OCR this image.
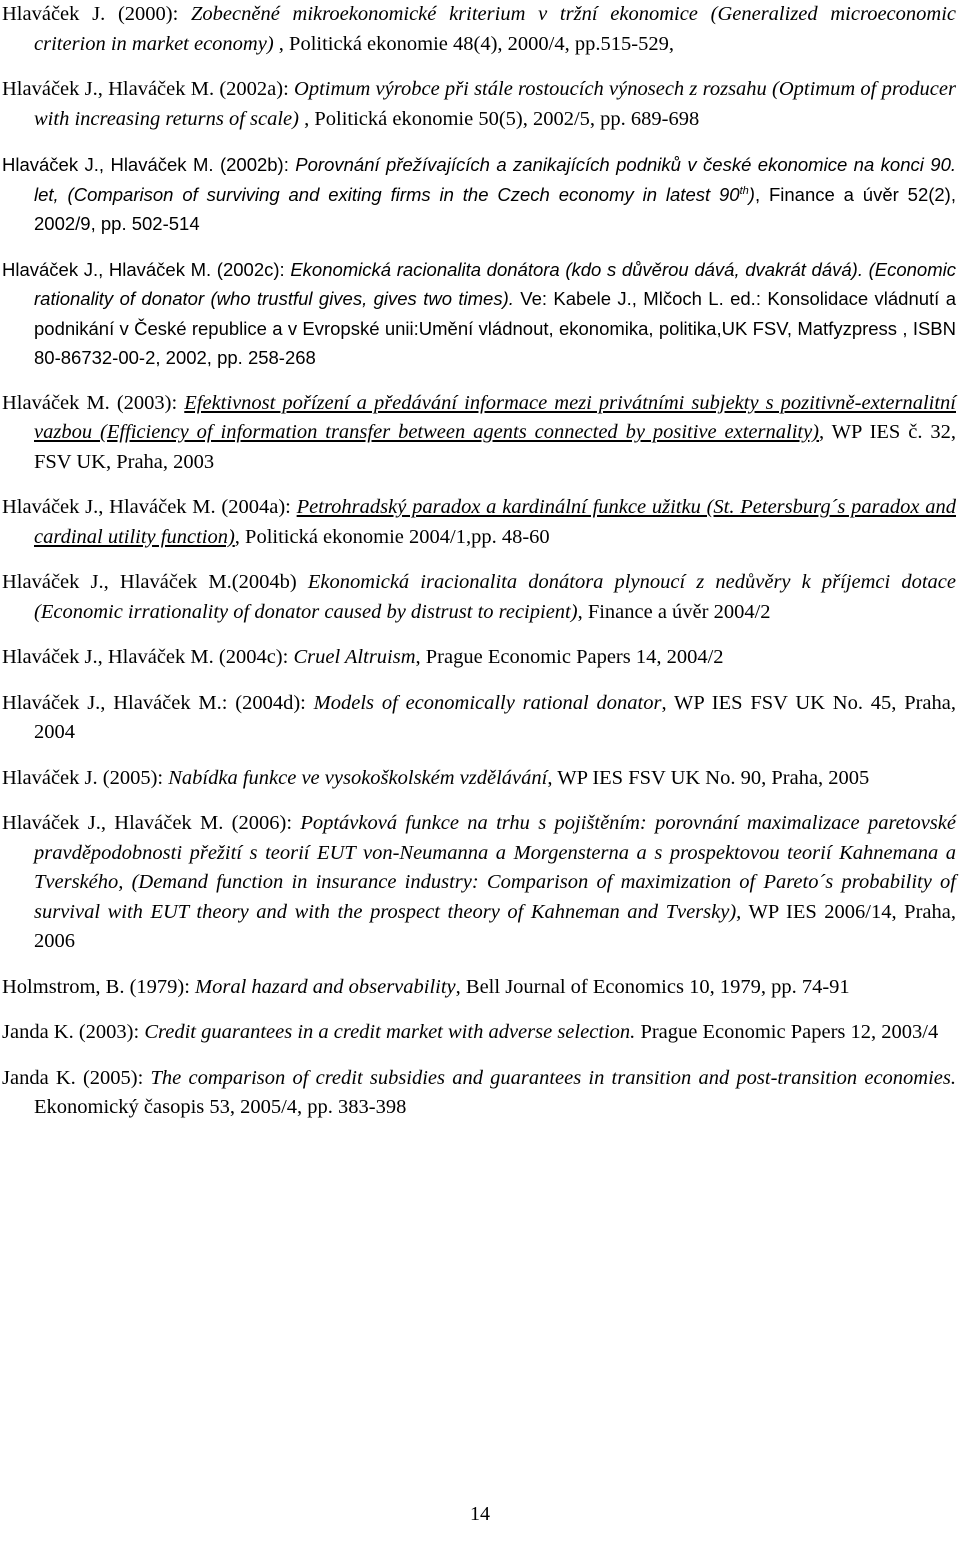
Hlaváček J. (2000): Zobecněné mikroekonomické kriterium v tržní ekonomice (Generalized microeconomic criterion in market economy) , Politická ekonomie 48(4), 2000/4, pp.515-529,

Hlaváček J., Hlaváček M. (2002a): Optimum výrobce při stále rostoucích výnosech z rozsahu (Optimum of producer with increasing returns of scale) , Politická ekonomie 50(5), 2002/5, pp. 689-698

Hlaváček J., Hlaváček M. (2002b): Porovnání přežívajících a zanikajících podniků v české ekonomice na konci 90. let, (Comparison of surviving and exiting firms in the Czech economy in latest 90th), Finance a úvěr 52(2), 2002/9, pp. 502-514

Hlaváček J., Hlaváček M. (2002c): Ekonomická racionalita donátora (kdo s důvěrou dává, dvakrát dává). (Economic rationality of donator (who trustful gives, gives two times). Ve: Kabele J., Mlčoch L. ed.: Konsolidace vládnutí a podnikání v České republice a v Evropské unii:Umění vládnout, ekonomika, politika,UK FSV, Matfyzpress , ISBN 80-86732-00-2, 2002, pp. 258-268

Hlaváček M. (2003): Efektivnost pořízení a předávání informace mezi privátními subjekty s pozitivně-externalitní vazbou (Efficiency of information transfer between agents connected by positive externality), WP IES č. 32, FSV UK, Praha, 2003

Hlaváček J., Hlaváček M. (2004a): Petrohradský paradox a kardinální funkce užitku (St. Petersburg´s paradox and cardinal utility function), Politická ekonomie 2004/1,pp. 48-60

Hlaváček J., Hlaváček M.(2004b) Ekonomická iracionalita donátora plynoucí z nedůvěry k příjemci dotace (Economic irrationality of donator caused by distrust to recipient), Finance a úvěr 2004/2

Hlaváček J., Hlaváček M. (2004c): Cruel Altruism, Prague Economic Papers 14, 2004/2

Hlaváček J., Hlaváček M.: (2004d): Models of economically rational donator, WP IES FSV UK No. 45, Praha, 2004

Hlaváček J. (2005): Nabídka funkce ve vysokoškolském vzdělávání, WP IES FSV UK No. 90, Praha, 2005

Hlaváček J., Hlaváček M. (2006): Poptávková funkce na trhu s pojištěním: porovnání maximalizace paretovské pravděpodobnosti přežití s teorií EUT von-Neumanna a Morgensterna a s prospektovou teorií Kahnemana a Tverského, (Demand function in insurance industry: Comparison of maximization of Pareto´s probability of survival with EUT theory and with the prospect theory of Kahneman and Tversky), WP IES 2006/14, Praha, 2006

Holmstrom, B. (1979): Moral hazard and observability, Bell Journal of Economics 10, 1979, pp. 74-91

Janda K. (2003): Credit guarantees in a credit market with adverse selection. Prague Economic Papers 12, 2003/4

Janda K. (2005): The comparison of credit subsidies and guarantees in transition and post-transition economies. Ekonomický časopis 53, 2005/4, pp. 383-398

14
